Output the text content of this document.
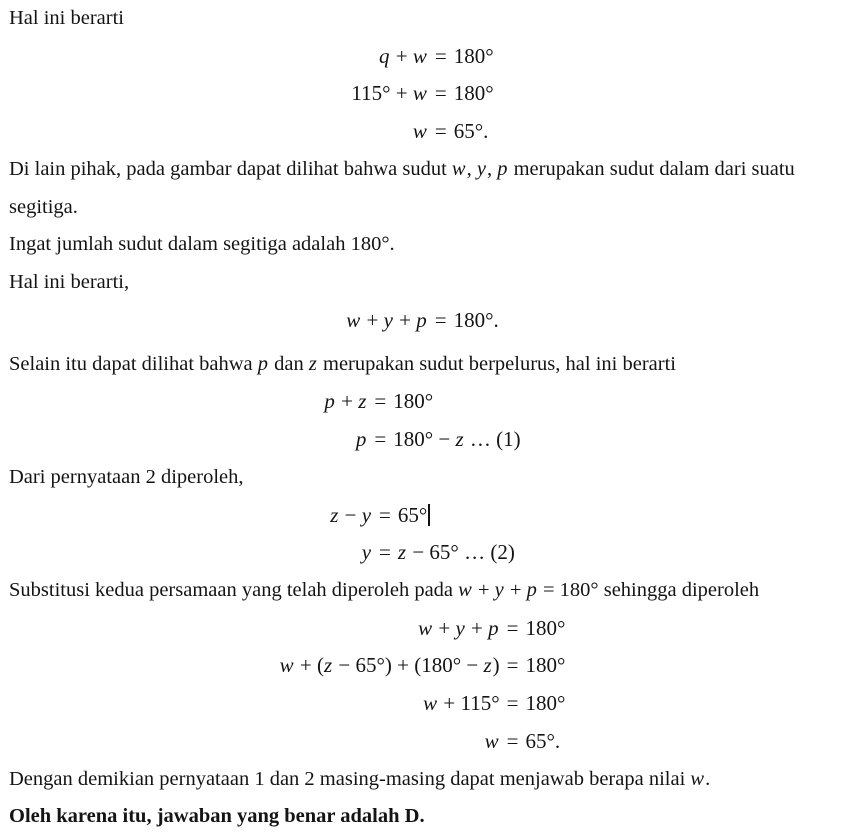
Hal ini berarti

q + w	=	180°
115° + w	=	180°
w	=	65°.

Di lain pihak, pada gambar dapat dilihat bahwa sudut w, y, p merupakan sudut dalam dari suatu segitiga.

Ingat jumlah sudut dalam segitiga adalah 180°.

Hal ini berarti,

w + y + p	=	180°.

Selain itu dapat dilihat bahwa p dan z merupakan sudut berpelurus, hal ini berarti

p + z	=	180°
p	=	180° − z … (1)

Dari pernyataan 2 diperoleh,

z − y	=	65°
y	=	z − 65° … (2)

Substitusi kedua persamaan yang telah diperoleh pada w + y + p = 180° sehingga diperoleh

w + y + p	=	180°
w + (z − 65°) + (180° − z)	=	180°
w + 115°	=	180°
w	=	65°.

Dengan demikian pernyataan 1 dan 2 masing-masing dapat menjawab berapa nilai w.

Oleh karena itu, jawaban yang benar adalah D.
